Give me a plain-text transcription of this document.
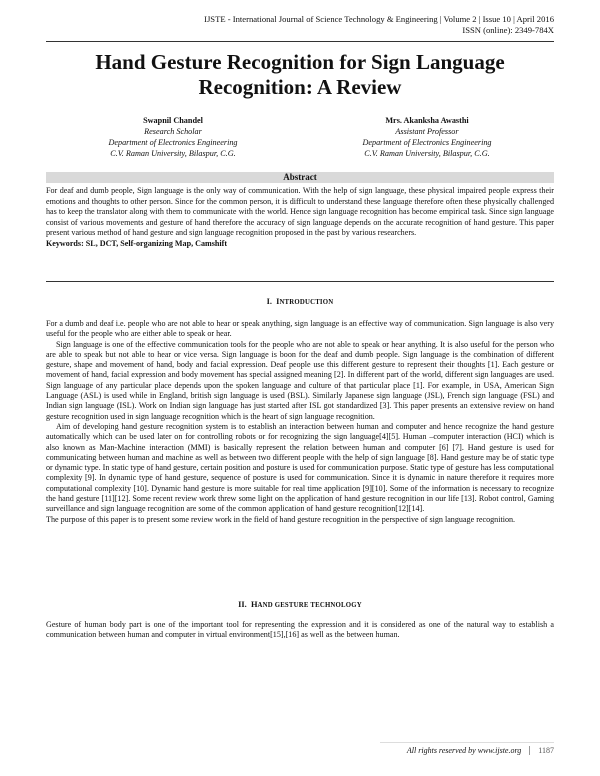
IJSTE - International Journal of Science Technology & Engineering | Volume 2 | Issue 10 | April 2016
ISSN (online): 2349-784X
Hand Gesture Recognition for Sign Language Recognition: A Review
Swapnil Chandel
Research Scholar
Department of Electronics Engineering
C.V. Raman University, Bilaspur, C.G.
Mrs. Akanksha Awasthi
Assistant Professor
Department of Electronics Engineering
C.V. Raman University, Bilaspur, C.G.
Abstract
For deaf and dumb people, Sign language is the only way of communication. With the help of sign language, these physical impaired people express their emotions and thoughts to other person. Since for the common person, it is difficult to understand these language therefore often these physically challenged has to keep the translator along with them to communicate with the world. Hence sign language recognition has become empirical task. Since sign language consist of various movements and gesture of hand therefore the accuracy of sign language depends on the accurate recognition of hand gesture. This paper present various method of hand gesture and sign language recognition proposed in the past by various researchers.
Keywords: SL, DCT, Self-organizing Map, Camshift
I. INTRODUCTION

For a dumb and deaf i.e. people who are not able to hear or speak anything, sign language is an effective way of communication. Sign language is also very useful for the people who are either able to speak or hear.

Sign language is one of the effective communication tools for the people who are not able to speak or hear anything. It is also useful for the person who are able to speak but not able to hear or vice versa. Sign language is boon for the deaf and dumb people. Sign language is the combination of different gesture, shape and movement of hand, body and facial expression. Deaf people use this different gesture to represent their thoughts [1]. Each gesture or movement of hand, facial expression and body movement has special assigned meaning [2]. In different part of the world, different sign languages are used. Sign language of any particular place depends upon the spoken language and culture of that particular place [1]. For example, in USA, American Sign Language (ASL) is used while in England, british sign language is used (BSL). Similarly Japanese sign language (JSL), French sign language (FSL) and Indian sign language (ISL). Work on Indian sign language has just started after ISL got standardized [3]. This paper presents an extensive review on hand gesture recognition used in sign language recognition which is the heart of sign language recognition.

Aim of developing hand gesture recognition system is to establish an interaction between human and computer and hence recognize the hand gesture automatically which can be used later on for controlling robots or for recognizing the sign language[4][5]. Human –computer interaction (HCI) which is also known as Man-Machine interaction (MMI) is basically represent the relation between human and computer [6] [7]. Hand gesture is used for communicating between human and machine as well as between two different people with the help of sign language [8]. Hand gesture may be of static type or dynamic type. In static type of hand gesture, certain position and posture is used for communication purpose. Static type of gesture has less computational complexity [9]. In dynamic type of hand gesture, sequence of posture is used for communication. Since it is dynamic in nature therefore it requires more computational complexity [10]. Dynamic hand gesture is more suitable for real time application [9][10]. Some of the information is necessary to recognize the hand gesture [11][12]. Some recent review work threw some light on the application of hand gesture recognition in our life [13]. Robot control, Gaming surveillance and sign language recognition are some of the common application of hand gesture recognition[12][14].

The purpose of this paper is to present some review work in the field of hand gesture recognition in the perspective of sign language recognition.

II. HAND GESTURE TECHNOLOGY

Gesture of human body part is one of the important tool for representing the expression and it is considered as one of the natural way to establish a communication between human and computer in virtual environment[15],[16] as well as the between human.

All rights reserved by www.ijste.org	1187
